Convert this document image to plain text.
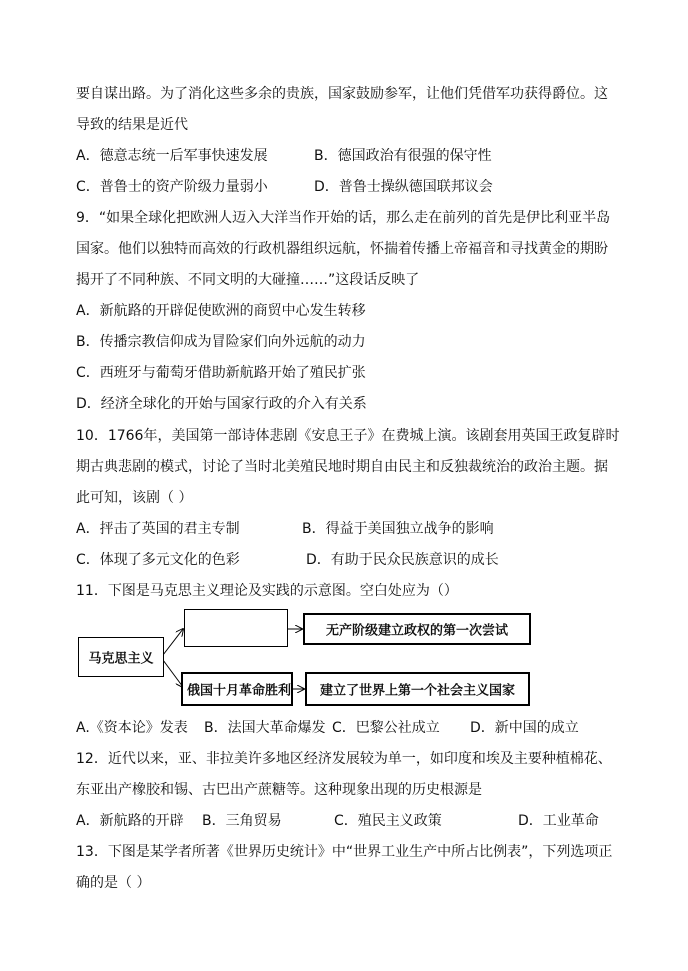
要自谋出路。为了消化这些多余的贵族，国家鼓励参军，让他们凭借军功获得爵位。这
导致的结果是近代
A．德意志统一后军事快速发展	B．德国政治有很强的保守性
C．普鲁士的资产阶级力量弱小	D．普鲁士操纵德国联邦议会
9．“如果全球化把欧洲人迈入大洋当作开始的话，那么走在前列的首先是伊比利亚半岛
国家。他们以独特而高效的行政机器组织远航，怀揣着传播上帝福音和寻找黄金的期盼
揭开了不同种族、不同文明的大碰撞……”这段话反映了
A．新航路的开辟促使欧洲的商贸中心发生转移
B．传播宗教信仰成为冒险家们向外远航的动力
C．西班牙与葡萄牙借助新航路开始了殖民扩张
D．经济全球化的开始与国家行政的介入有关系
10．1766年，美国第一部诗体悲剧《安息王子》在费城上演。该剧套用英国王政复辟时
期古典悲剧的模式，讨论了当时北美殖民地时期自由民主和反独裁统治的政治主题。据
此可知，该剧（ ）
A．抨击了英国的君主专制	B．得益于美国独立战争的影响
C．体现了多元文化的色彩	D．有助于民众民族意识的成长
11．下图是马克思主义理论及实践的示意图。空白处应为（）
马克思主义
无产阶级建立政权的第一次尝试
俄国十月革命胜利	建立了世界上第一个社会主义国家
A.《资本论》发表 B．法国大革命爆发 C．巴黎公社成立 D．新中国的成立
12．近代以来，亚、非拉美许多地区经济发展较为单一，如印度和埃及主要种植棉花、
东亚出产橡胶和锡、古巴出产蔗糖等。这种现象出现的历史根源是
A．新航路的开辟 B．三角贸易	C．殖民主义政策	D．工业革命
13．下图是某学者所著《世界历史统计》中“世界工业生产中所占比例表”，下列选项正
确的是（ ）
